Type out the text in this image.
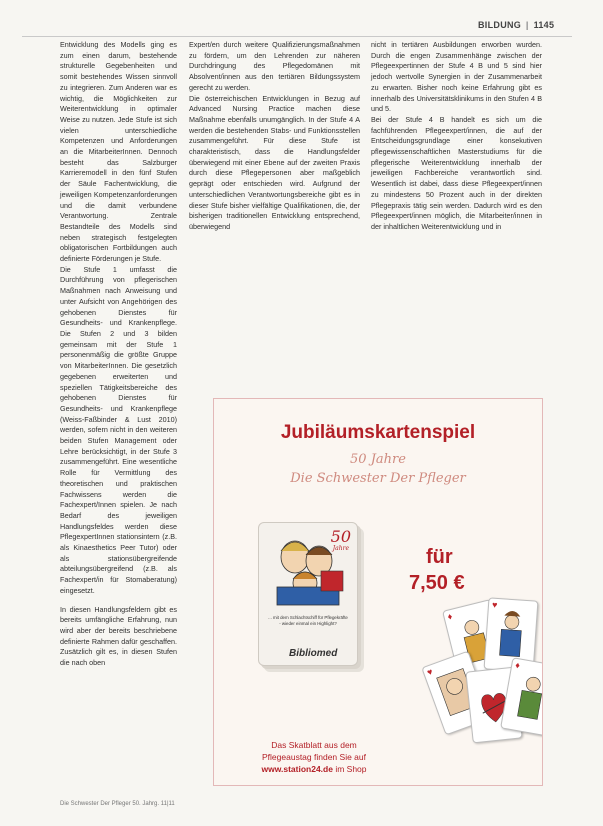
BILDUNG | 1145

Entwicklung des Modells ging es zum einen darum, bestehende strukturelle Gegebenheiten und somit bestehendes Wissen sinnvoll zu integrieren. Zum Anderen war es wichtig, die Möglichkeiten zur Weiterentwicklung in optimaler Weise zu nutzen. Jede Stufe ist sich vielen unterschiedliche Kompetenzen und Anforderungen an die MitarbeiterInnen. Dennoch besteht das Salzburger Karrieremodell in den fünf Stufen der Säule Fachentwicklung, die jeweiligen Kompetenzanforderungen und die damit verbundene Verantwortung. Zentrale Bestandteile des Modells sind neben strategisch festgelegten obligatorischen Fortbildungen auch definierte Förderungen je Stufe.

Die Stufe 1 umfasst die Durchführung von pflegerischen Maßnahmen nach Anweisung und unter Aufsicht von Angehörigen des gehobenen Dienstes für Gesundheits- und Krankenpflege. Die Stufen 2 und 3 bilden gemeinsam mit der Stufe 1 personenmäßig die größte Gruppe von MitarbeiterInnen. Die gesetzlich gegebenen erweiterten und speziellen Tätigkeitsbereiche des gehobenen Dienstes für Gesundheits- und Krankenpflege (Weiss-Faßbinder & Lust 2010) werden, sofern nicht in den weiteren beiden Stufen Management oder Lehre berücksichtigt, in der Stufe 3 zusammengeführt. Eine wesentliche Rolle für Vermittlung des theoretischen und praktischen Fachwissens werden die Fachexpert/Innen spielen. Je nach Bedarf des jeweiligen Handlungsfeldes werden diese PflegexpertInnen stationsintern (z.B. als Kinaesthetics Peer Tutor) oder als stationsübergreifende abteilungsübergreifend (z.B. als Fachexpert/in für Stomaberatung) eingesetzt.

In diesen Handlungsfeldern gibt es bereits umfängliche Erfahrung, nun wird aber der bereits beschriebene definierte Rahmen dafür geschaffen. Zusätzlich gilt es, in diesen Stufen die nach oben

Expert/en durch weitere Qualifizierungsmaßnahmen zu fördern, um den Lehrenden zur näheren Durchdringung des Pflegedomänen mit Absolvent/innen aus den tertiären Bildungssystem gerecht zu werden.

Die österreichischen Entwicklungen in Bezug auf Advanced Nursing Practice machen diese Maßnahme ebenfalls unumgänglich. In der Stufe 4 A werden die bestehenden Stabs- und Funktionsstellen zusammengeführt. Für diese Stufe ist charakteristisch, dass die Handlungsfelder überwiegend mit einer Ebene auf der zweiten Praxis durch diese Pflegepersonen aber maßgeblich geprägt oder entschieden wird. Aufgrund der unterschiedlichen Verantwortungsbereiche gibt es in dieser Stufe bisher vielfältige Qualifikationen, die, der bisherigen traditionellen Entwicklung entsprechend, überwiegend

nicht in tertiären Ausbildungen erworben wurden. Durch die engen Zusammenhänge zwischen der Pflegeexpertinnen der Stufe 4 B und 5 sind hier jedoch wertvolle Synergien in der Zusammenarbeit zu erwarten. Bisher noch keine Erfahrung gibt es innerhalb des Universitätsklinikums in den Stufen 4 B und 5.

Bei der Stufe 4 B handelt es sich um die fachführenden Pflegeexpert/innen, die auf der Entscheidungsgrundlage einer konsekutiven pflegewissenschaftlichen Masterstudiums für die pflegerische Weiterentwicklung innerhalb der jeweiligen Fachbereiche verantwortlich sind. Wesentlich ist dabei, dass diese Pflegeexpert/innen zu mindestens 50 Prozent auch in der direkten Pflegepraxis tätig sein werden. Dadurch wird es den Pflegeexpert/innen möglich, die Mitarbeiter/innen in der inhaltlichen Weiterentwicklung und in

Jubiläumskartenspiel
50 Jahre
Die Schwester Der Pfleger
50
Jahre
... mit dem Schlachtschiff für Pflegekräfte - wieder einmal ein Highlight?
Bibliomed
für
7,50 €
♦
♥
♥
♦
Das Skatblatt aus dem
Pflegeaustag finden Sie auf
www.station24.de im Shop
Die Schwester Der Pfleger 50. Jahrg. 11|11
